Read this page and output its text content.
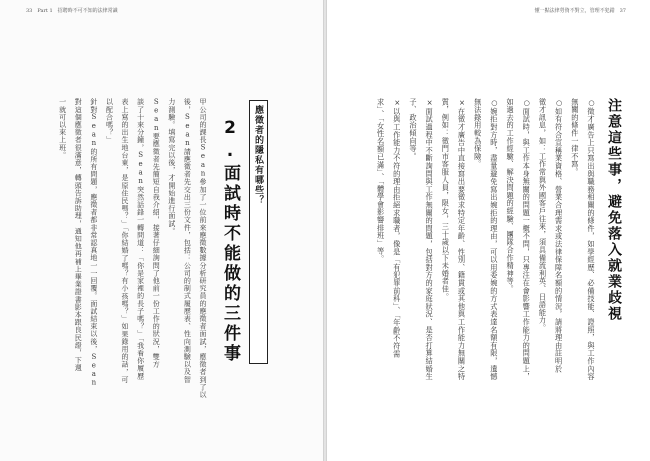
33　Part 1　招聘時不可不知的法律常識
應徵者的隱私有哪些？
2.面試時不能做的三件事
甲公司的課長Sean參加了一位前來應徵數據分析研究員的應徵者面試，應徵者到了以
後，Sean請應徵者先交出三份文件，包括：公司的制式履歷表、性向測驗以及智
力測驗。填寫完以後，才開始進行面試。
Sean要應徵者先簡短自我介紹，接著仔細詢問了他前一份工作的狀況，雙方
談了十來分鐘，Sean突然話鋒一轉問道：「你是家裡的長子嗎？」「我看你履歷
表上寫的出生地台東，是原住民嗎？」「你結婚了嗎？有小孩嗎？」如果錄用的話，可
以配合嗎？」
針對Sean的所有問題，應徵者都非常認真地一一回覆。面試結束以後，Sean
對這個應徵者很滿意，轉頭告訴助理，通知他再補上畢業證書影本跟良民證，下週
一就可以來上班。
懂一點法律勞資不對立，管理不犯錯　37
注意這些事，避免落入就業歧視
○徵才廣告上只寫出與職務相關的條件，如學經歷、必備技能、證照，與工作內容
無關的條件一律不寫。
○如有符合宣稱業資格、營業合理需求或法律保障名額的情況，請將理由註明於
徵才訊息，如：工作常與外國客戶往來，須具備流利英、日語能力。
○面試時，與工作本身無關的問題一概不問，只專注在會影響工作能力的問題上，
如過去的工作經驗、解決問題的經驗、團隊合作精神等。
○婉拒對方時，盡量避免寫出婉拒的理由，可以用委婉的方式表達名額有限，遺憾
無法錄用較為保險。
×在徵才廣告中直接寫出要徵求特定年齡、性別、籍貫或其他與工作能力無關之特
質，例如：徵門市客服人員，限女，三十歲以下未婚者佳。
×面試過程中不斷詢問與工作無關的問題，包括對方的家庭狀況、是否打算結婚生
子、政治傾向等。
×以與工作能力不符的理由拒絕求職者，像是「有犯罪前科」、「年齡不符需
求」、「女性名額已滿」、「體學會影響排班」等。
